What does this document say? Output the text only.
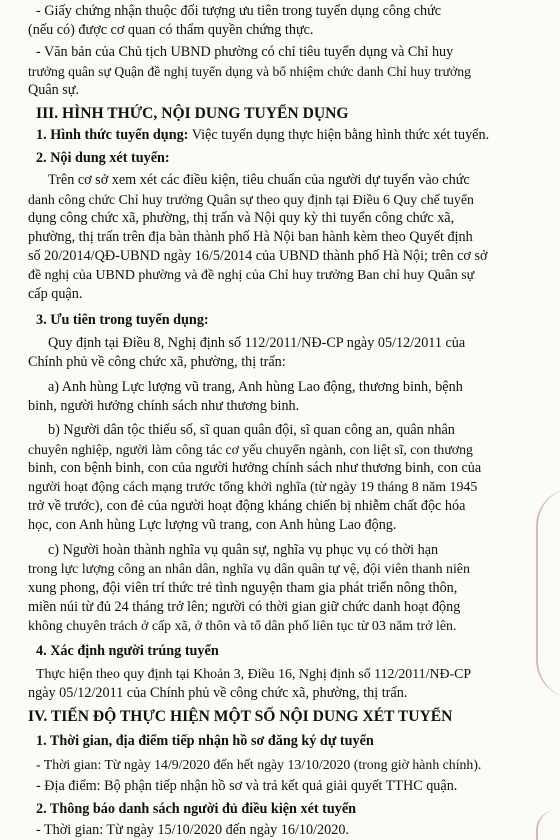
- Giấy chứng nhận thuộc đối tượng ưu tiên trong tuyển dụng công chức
(nếu có) được cơ quan có thẩm quyền chứng thực.
- Văn bản của Chủ tịch UBND phường có chỉ tiêu tuyển dụng và Chỉ huy
trưởng quân sự Quận đề nghị tuyển dụng và bổ nhiệm chức danh Chỉ huy trưởng
Quân sự.
III. HÌNH THỨC, NỘI DUNG TUYỂN DỤNG
1. Hình thức tuyển dụng: Việc tuyển dụng thực hiện bằng hình thức xét tuyển.
2. Nội dung xét tuyển:
Trên cơ sở xem xét các điều kiện, tiêu chuẩn của người dự tuyển vào chức
danh công chức Chỉ huy trưởng Quân sự theo quy định tại Điều 6 Quy chế tuyển
dụng công chức xã, phường, thị trấn và Nội quy kỳ thi tuyển công chức xã,
phường, thị trấn trên địa bàn thành phố Hà Nội ban hành kèm theo Quyết định
số 20/2014/QĐ-UBND ngày 16/5/2014 của UBND thành phố Hà Nội; trên cơ sở
đề nghị của UBND phường và đề nghị của Chỉ huy trưởng Ban chỉ huy Quân sự
cấp quận.
3. Ưu tiên trong tuyển dụng:
Quy định tại Điều 8, Nghị định số 112/2011/NĐ-CP ngày 05/12/2011 của
Chính phủ về công chức xã, phường, thị trấn:
a) Anh hùng Lực lượng vũ trang, Anh hùng Lao động, thương binh, bệnh
binh, người hưởng chính sách như thương binh.
b) Người dân tộc thiểu số, sĩ quan quân đội, sĩ quan công an, quân nhân
chuyên nghiệp, người làm công tác cơ yếu chuyển ngành, con liệt sĩ, con thương
binh, con bệnh binh, con của người hưởng chính sách như thương binh, con của
người hoạt động cách mạng trước tổng khởi nghĩa (từ ngày 19 tháng 8 năm 1945
trở về trước), con đẻ của người hoạt động kháng chiến bị nhiễm chất độc hóa
học, con Anh hùng Lực lượng vũ trang, con Anh hùng Lao động.
c) Người hoàn thành nghĩa vụ quân sự, nghĩa vụ phục vụ có thời hạn
trong lực lượng công an nhân dân, nghĩa vụ dân quân tự vệ, đội viên thanh niên
xung phong, đội viên trí thức trẻ tình nguyện tham gia phát triển nông thôn,
miền núi từ đủ 24 tháng trở lên; người có thời gian giữ chức danh hoạt động
không chuyên trách ở cấp xã, ở thôn và tổ dân phố liên tục từ 03 năm trở lên.
4. Xác định người trúng tuyển
Thực hiện theo quy định tại Khoản 3, Điều 16, Nghị định số 112/2011/NĐ-CP
ngày 05/12/2011 của Chính phủ về công chức xã, phường, thị trấn.
IV. TIẾN ĐỘ THỰC HIỆN MỘT SỐ NỘI DUNG XÉT TUYỂN
1. Thời gian, địa điểm tiếp nhận hồ sơ đăng ký dự tuyển
- Thời gian: Từ ngày 14/9/2020 đến hết ngày 13/10/2020 (trong giờ hành chính).
- Địa điểm: Bộ phận tiếp nhận hồ sơ và trả kết quả giải quyết TTHC quận.
2. Thông báo danh sách người đủ điều kiện xét tuyển
- Thời gian: Từ ngày 15/10/2020 đến ngày 16/10/2020.
